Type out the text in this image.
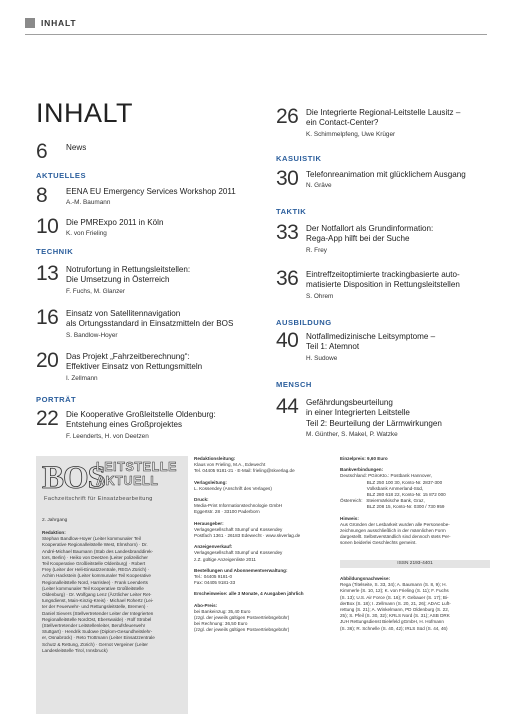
INHALT
INHALT
6	News
AKTUELLES
8	EENA EU Emergency Services Workshop 2011
A.-M. Baumann
10 Die PMRExpo 2011 in Köln
K. von Frieling
TECHNIK
13 Notrufortung in Rettungsleitstellen:
Die Umsetzung in Österreich
F. Fuchs, M. Glanzer
16 Einsatz von Satellitennavigation
als Ortungsstandard in Einsatzmitteln der BOS
S. Bandlow-Hoyer
20 Das Projekt „Fahrzeitberechnung“:
Effektiver Einsatz von Rettungsmitteln
I. Zellmann
PORTRÄT
22 Die Kooperative Großleitstelle Oldenburg:
Entstehung eines Großprojektes
F. Leenderts, H. von Deetzen
26 Die Integrierte Regional-Leitstelle Lausitz –
ein Contact-Center?
K. Schimmelpfeng, Uwe Krüger
KASUISTIK
30 Telefonreanimation mit glücklichem Ausgang
N. Gräve
TAKTIK
33 Der Notfallort als Grundinformation:
Rega-App hilft bei der Suche
R. Frey
36 Eintreffzeitoptimierte trackingbasierte auto-
matisierte Disposition in Rettungsleitstellen
S. Ohrem
AUSBILDUNG
40 Notfallmedizinische Leitsymptome –
Teil 1: Atemnot
H. Sudowe
MENSCH
44 Gefährdungsbeurteilung
in einer Integrierten Leitstelle
Teil 2: Beurteilung der Lärmwirkungen
M. Günther, S. Makel, P. Watzke
BOS
LEITSTELLE
AKTUELL
Fachzeitschrift für Einsatzbearbeitung
2. Jahrgang
Redaktion:
Stephan Bandlow-Hoyer (Leiter kommunaler Teil
Kooperative Regionalleitstelle West, Elmshorn) · Dr.
André-Michael Baumann (Stab des Landesbranddirek-
tors, Berlin) · Heiko von Deetzen (Leiter polizeilicher
Teil Kooperative Großleitstelle Oldenburg) · Robert
Frey (Leiter der Heli-Einsatzzentrale, REGA Zürich) ·
Achim Hackstein (Leiter kommunaler Teil Kooperative
Regionalleitstelle Nord, Harrislee) · Frank Leenderts
(Leiter kommunaler Teil Kooperative Großleitstelle
Oldenburg) · Dr. Wolfgang Lenz (Ärztlicher Leiter Ret-
tungsdienst, Main-Kinzig-Kreis) · Michael Rohertz (Lei-
ter der Feuerwehr- und Rettungsleitstelle, Bremen) ·
Daniel Sievers (Stellvertretender Leiter der Integrierten
Regionalleitstelle NordOst, Eberswalde) · Rolf Strobel
(Stellvertretender Leitstellenleiter, Berufsfeuerwehr
Stuttgart) · Hendrik Sudowe (Diplom-Gesundheitslehr-
er, Osnabrück) · Reto Trottmann (Leiter Einsatzzentrale
Schutz & Rettung, Zürich) · Gernot Vergeiner (Leiter
Landesleitstelle Tirol, Innsbruck)
Redaktionsleitung:
Klaus von Frieling, M.A., Edewecht
Tel. 04405 9181-21 · E-Mail: frieling@skverlag.de
Verlagsleitung:
L. Kossendey (Anschrift des Verlages)
Druck:
Media-Print Informationstechnologie GmbH
Eggertstr. 28 · 33100 Paderborn
Herausgeber:
Verlagsgesellschaft Stumpf und Kossendey
Postfach 1361 · 26183 Edewecht · www.skverlag.de
Anzeigenverkauf:
Verlagsgesellschaft Stumpf und Kossendey
z.Z. gültige Anzeigenliste 2011
Bestellungen und Abonnementverwaltung:
Tel.: 04405 9181-0
Fax: 04405 9181-33
Erscheinweise: alle 3 Monate, 4 Ausgaben jährlich
Abo-Preis:
bei Bankeinzug: 35,40 Euro
(zzgl. der jeweils gültigen Postvertriebsgebühr)
bei Rechnung: 36,50 Euro
(zzgl. der jeweils gültigen Postvertriebsgebühr)
Einzelpreis: 9,60 Euro
Bankverbindungen:
Deutschland: PGiroKto.: Postbank Hannover,
BLZ 250 100 30, Konto-Nr. 2837-300
Volksbank Ammerland-Süd,
BLZ 280 618 22, Konto-Nr. 15 872 000
Österreich:   Steiermärkische Bank, Graz,
BLZ 208 15, Konto-Nr. 0300 / 730 959
Hinweis:
Aus Gründen der Lesbarkeit wurden alle Personenbe-
zeichnungen ausschließlich in der männlichen Form
dargestellt. Selbstverständlich sind dennoch stets Per-
sonen beiderlei Geschlechts gemeint.
ISSN 2193-4401
Abbildungsnachweise:
Rega (Titelseite, S. 33, 34); A. Baumann (S. 8, 9); H.
Kimmerle (S. 10, 12); K. von Frieling (S. 11); F. Fuchs
(S. 13); U.S. Air Force (S. 16); F. Gebauer (S. 17); Bi-
derBox (S. 18); I. Zellmann (S. 20, 21, 26); ADAC Luft-
rettung (S. 21); A. Winkelmann, PD Oldenburg (S. 22,
25); S. Pfeil (S. 30, 32); KRLS Nord (S. 31); ASB DRK
JUH Rettungsdienst Bielefeld gGmbH, H. Hofmann
(S. 36); R. Schnelle (S. 40, 42); IRLS Süd (S. 44, 46)
